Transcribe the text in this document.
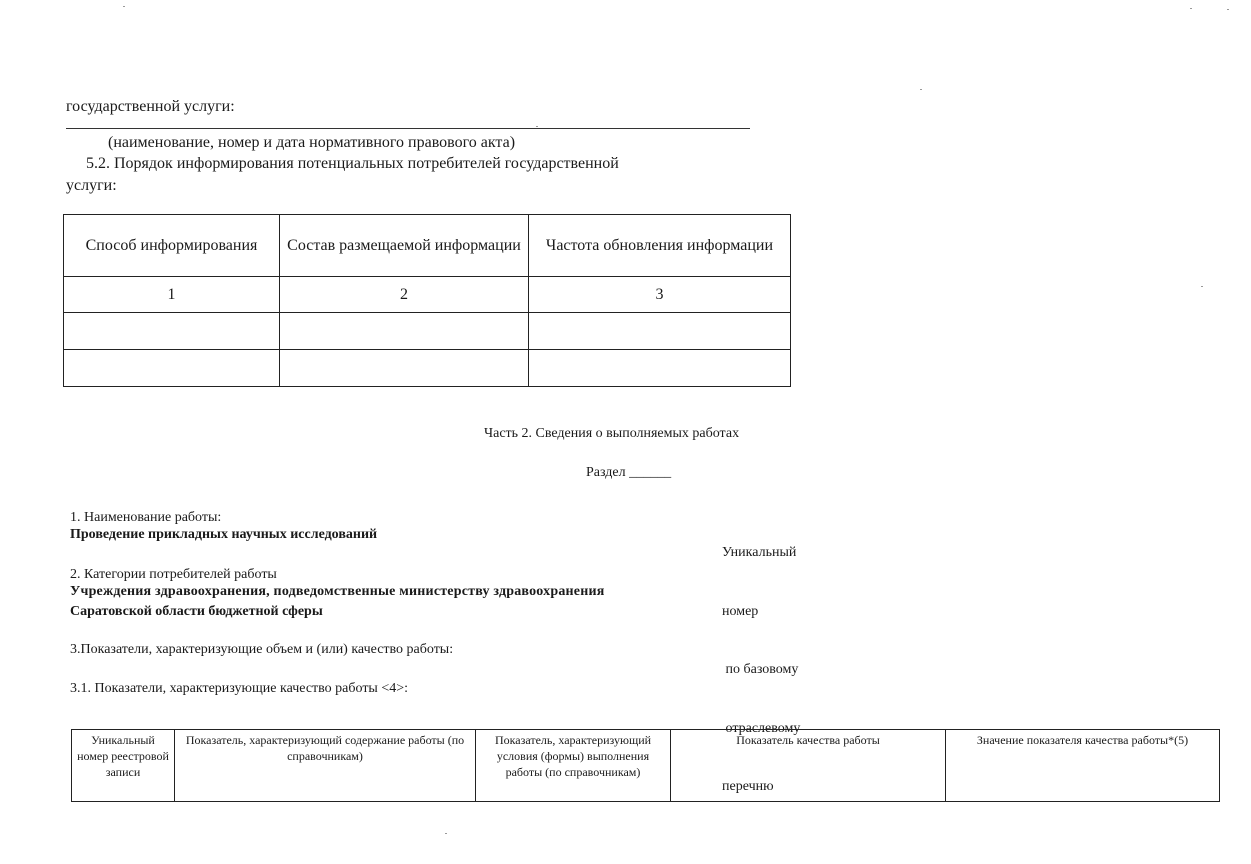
государственной услуги:
(наименование, номер и дата нормативного правового акта)
5.2. Порядок информирования потенциальных потребителей государственной
услуги:
Способ информирования	Состав размещаемой информации	Частота обновления информации
1	2	3

Часть 2. Сведения о выполняемых работах
Раздел ______
1. Наименование работы:
Проведение прикладных научных исследований
2. Категории потребителей работы
Учреждения здравоохранения, подведомственные министерству здравоохранения
Саратовской области бюджетной сферы

Уникальный

номер

по базовому

отраслевому

перечню

3.Показатели, характеризующие объем и (или) качество работы:
3.1. Показатели, характеризующие качество работы <4>:
Уникальный номер реестровой записи	Показатель, характеризующий содержание работы (по справочникам)	Показатель, характеризующий условия (формы) выполнения работы (по справочникам)	Показатель качества работы	Значение показателя качества работы*(5)
